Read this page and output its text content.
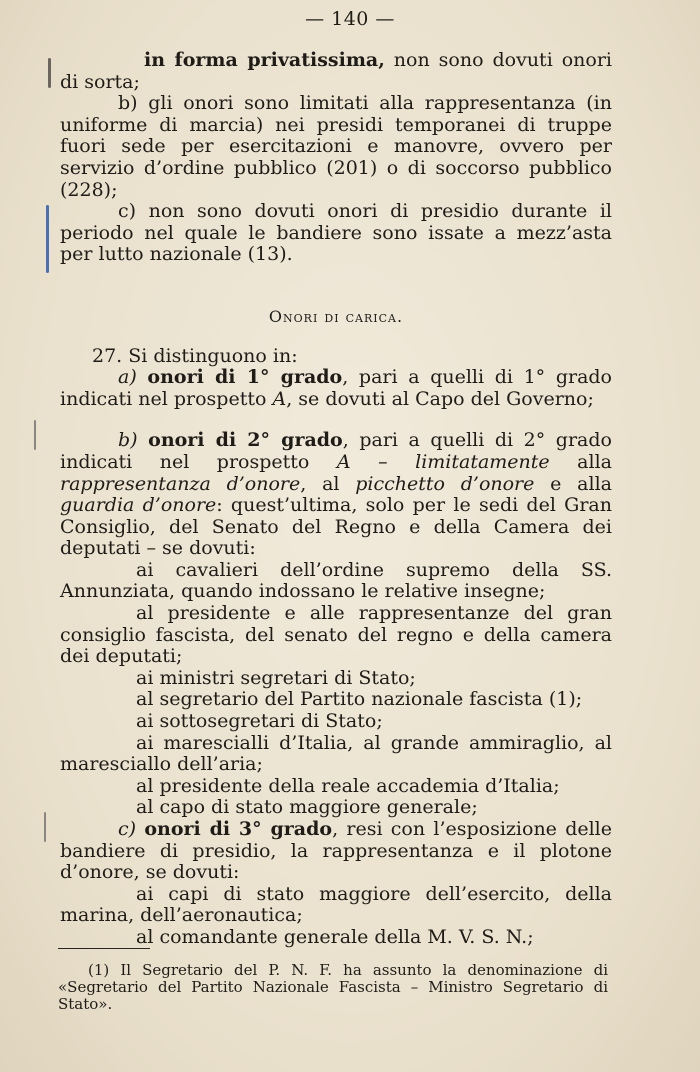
— 140 —

in forma privatissima, non sono dovuti onori di sorta;

b) gli onori sono limitati alla rappresentanza (in uniforme di marcia) nei presidi temporanei di truppe fuori sede per esercitazioni e manovre, ovvero per servizio d’ordine pubblico (201) o di soccorso pubblico (228);

c) non sono dovuti onori di presidio durante il periodo nel quale le bandiere sono issate a mezz’asta per lutto nazionale (13).

Onori di carica.

27. Si distinguono in:

a) onori di 1° grado, pari a quelli di 1° grado indicati nel prospetto A, se dovuti al Capo del Governo;

b) onori di 2° grado, pari a quelli di 2° grado indicati nel prospetto A – limitatamente alla rappresentanza d’onore, al picchetto d’onore e alla guardia d’onore: quest’ultima, solo per le sedi del Gran Consiglio, del Senato del Regno e della Camera dei deputati – se dovuti:

ai cavalieri dell’ordine supremo della SS. Annunziata, quando indossano le relative insegne;

al presidente e alle rappresentanze del gran consiglio fascista, del senato del regno e della camera dei deputati;

ai ministri segretari di Stato;

al segretario del Partito nazionale fascista (1);

ai sottosegretari di Stato;

ai marescialli d’Italia, al grande ammiraglio, al maresciallo dell’aria;

al presidente della reale accademia d’Italia;

al capo di stato maggiore generale;

c) onori di 3° grado, resi con l’esposizione delle bandiere di presidio, la rappresentanza e il plotone d’onore, se dovuti:

ai capi di stato maggiore dell’esercito, della marina, dell’aeronautica;

al comandante generale della M. V. S. N.;

(1) Il Segretario del P. N. F. ha assunto la denominazione di «Segretario del Partito Nazionale Fascista – Ministro Segretario di Stato».
